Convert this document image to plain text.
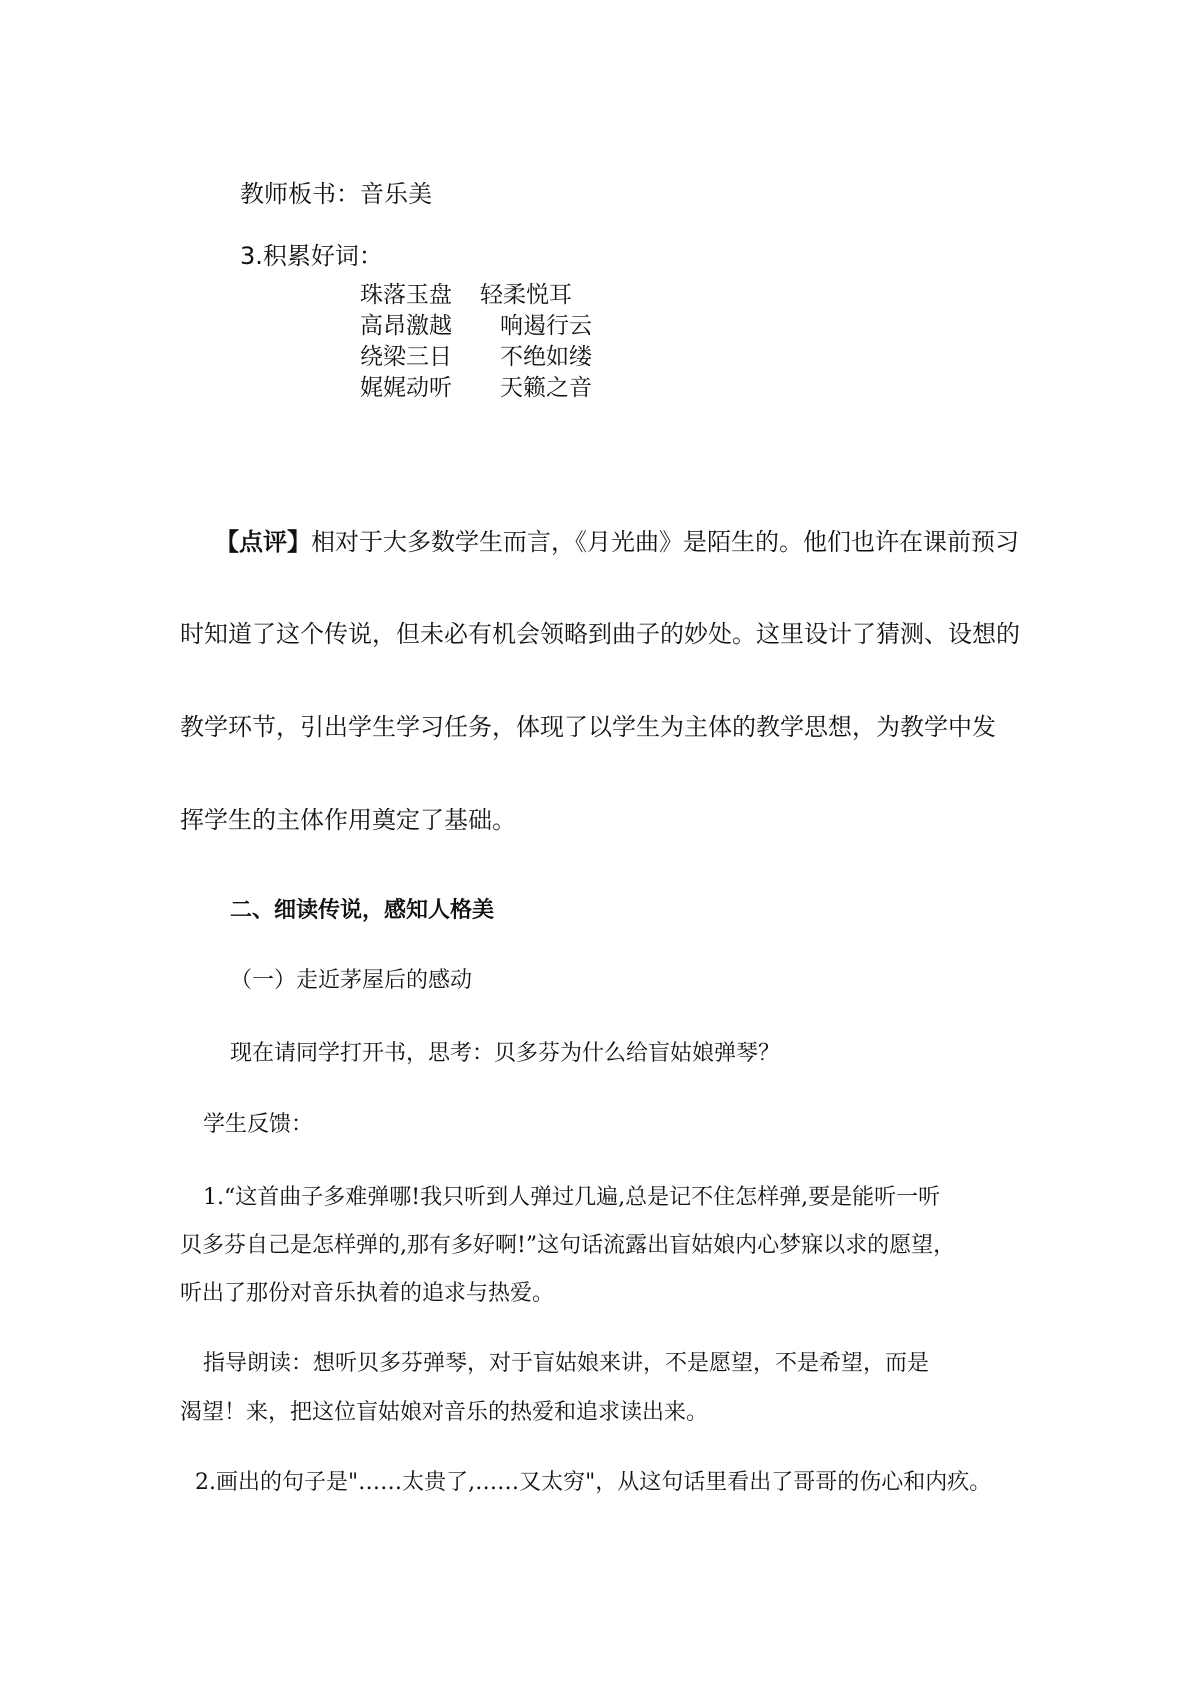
教师板书：音乐美
3.积累好词：
珠落玉盘 轻柔悦耳
高昂激越 响遏行云
绕梁三日 不绝如缕
娓娓动听 天籁之音
【点评】相对于大多数学生而言，《月光曲》是陌生的。他们也许在课前预习
时知道了这个传说，但未必有机会领略到曲子的妙处。这里设计了猜测、设想的
教学环节，引出学生学习任务，体现了以学生为主体的教学思想，为教学中发
挥学生的主体作用奠定了基础。
二、细读传说，感知人格美
（一）走近茅屋后的感动
现在请同学打开书，思考：贝多芬为什么给盲姑娘弹琴？
学生反馈：
1.“这首曲子多难弹哪!我只听到人弹过几遍,总是记不住怎样弹,要是能听一听
贝多芬自己是怎样弹的,那有多好啊!”这句话流露出盲姑娘内心梦寐以求的愿望，
听出了那份对音乐执着的追求与热爱。
指导朗读：想听贝多芬弹琴，对于盲姑娘来讲，不是愿望，不是希望，而是
渴望！来，把这位盲姑娘对音乐的热爱和追求读出来。
2.画出的句子是"……太贵了,……又太穷"，从这句话里看出了哥哥的伤心和内疚。
